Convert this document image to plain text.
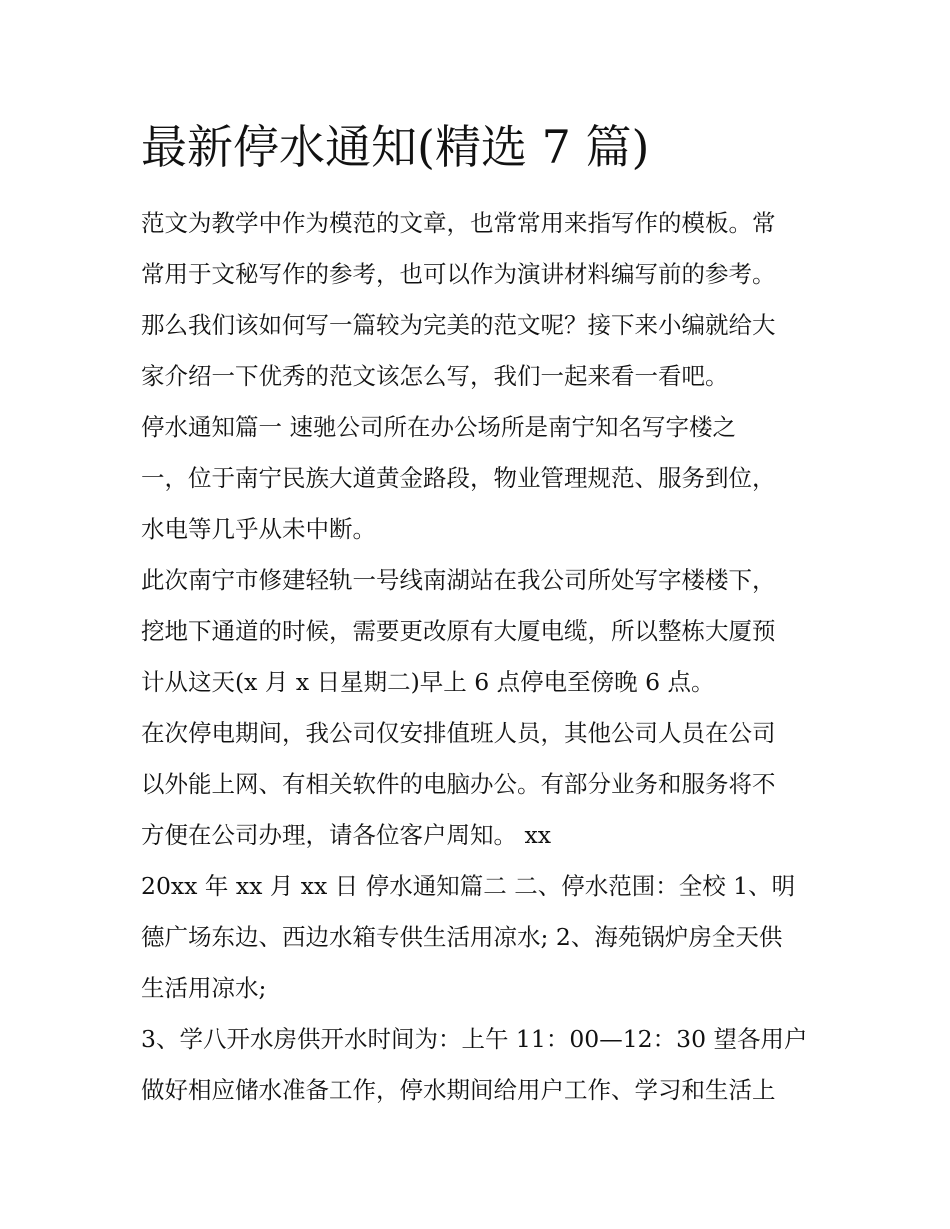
最新停水通知(精选 7 篇)

范文为教学中作为模范的文章，也常常用来指写作的模板。常

常用于文秘写作的参考，也可以作为演讲材料编写前的参考。

那么我们该如何写一篇较为完美的范文呢？接下来小编就给大

家介绍一下优秀的范文该怎么写，我们一起来看一看吧。

停水通知篇一 速驰公司所在办公场所是南宁知名写字楼之

一，位于南宁民族大道黄金路段，物业管理规范、服务到位，

水电等几乎从未中断。

此次南宁市修建轻轨一号线南湖站在我公司所处写字楼楼下，

挖地下通道的时候，需要更改原有大厦电缆，所以整栋大厦预

计从这天(x 月 x 日星期二)早上 6 点停电至傍晚 6 点。

在次停电期间，我公司仅安排值班人员，其他公司人员在公司

以外能上网、有相关软件的电脑办公。有部分业务和服务将不

方便在公司办理，请各位客户周知。 xx

20xx 年 xx 月 xx 日 停水通知篇二 二、停水范围：全校 1、明

德广场东边、西边水箱专供生活用凉水; 2、海苑锅炉房全天供

生活用凉水;

3、学八开水房供开水时间为：上午 11：00—12：30 望各用户

做好相应储水准备工作，停水期间给用户工作、学习和生活上
